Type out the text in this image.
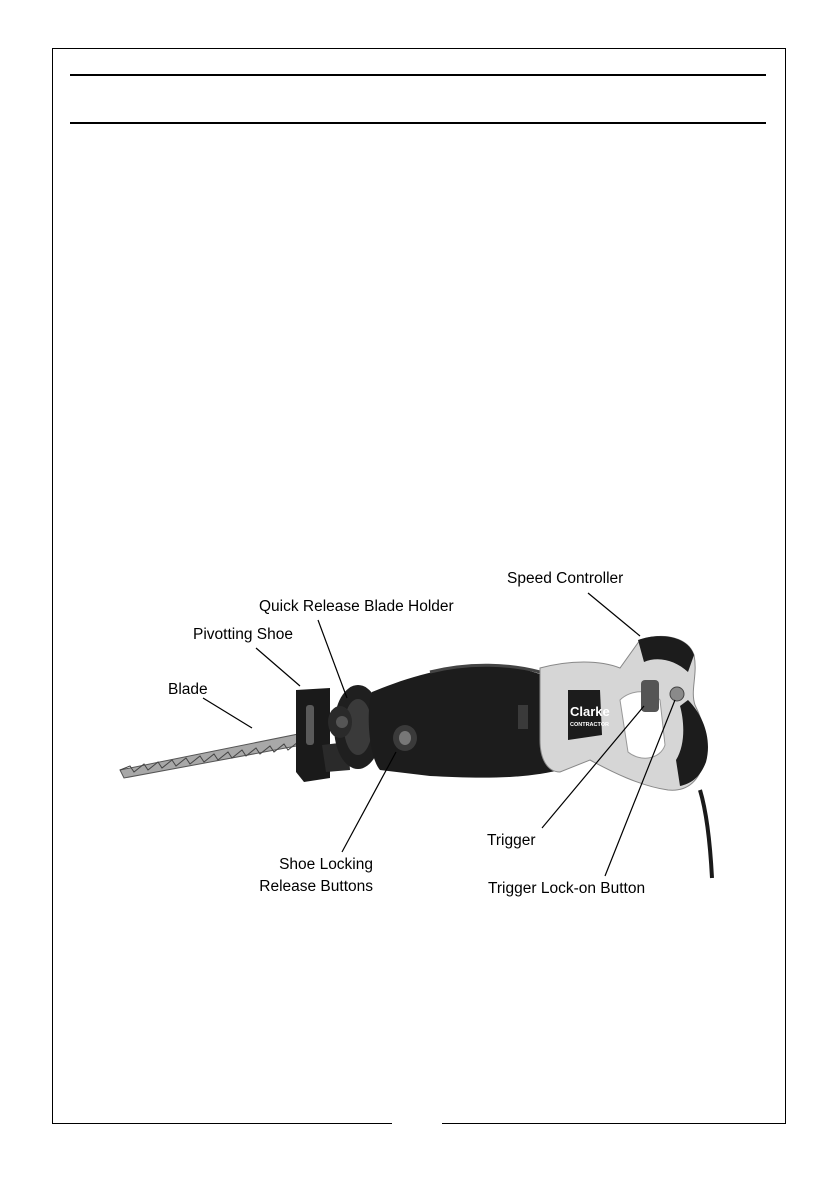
Clarke
CONTRACTOR
Speed Controller
Quick Release Blade Holder
Pivotting Shoe
Blade
Shoe Locking
Release Buttons
Trigger
Trigger Lock-on Button
